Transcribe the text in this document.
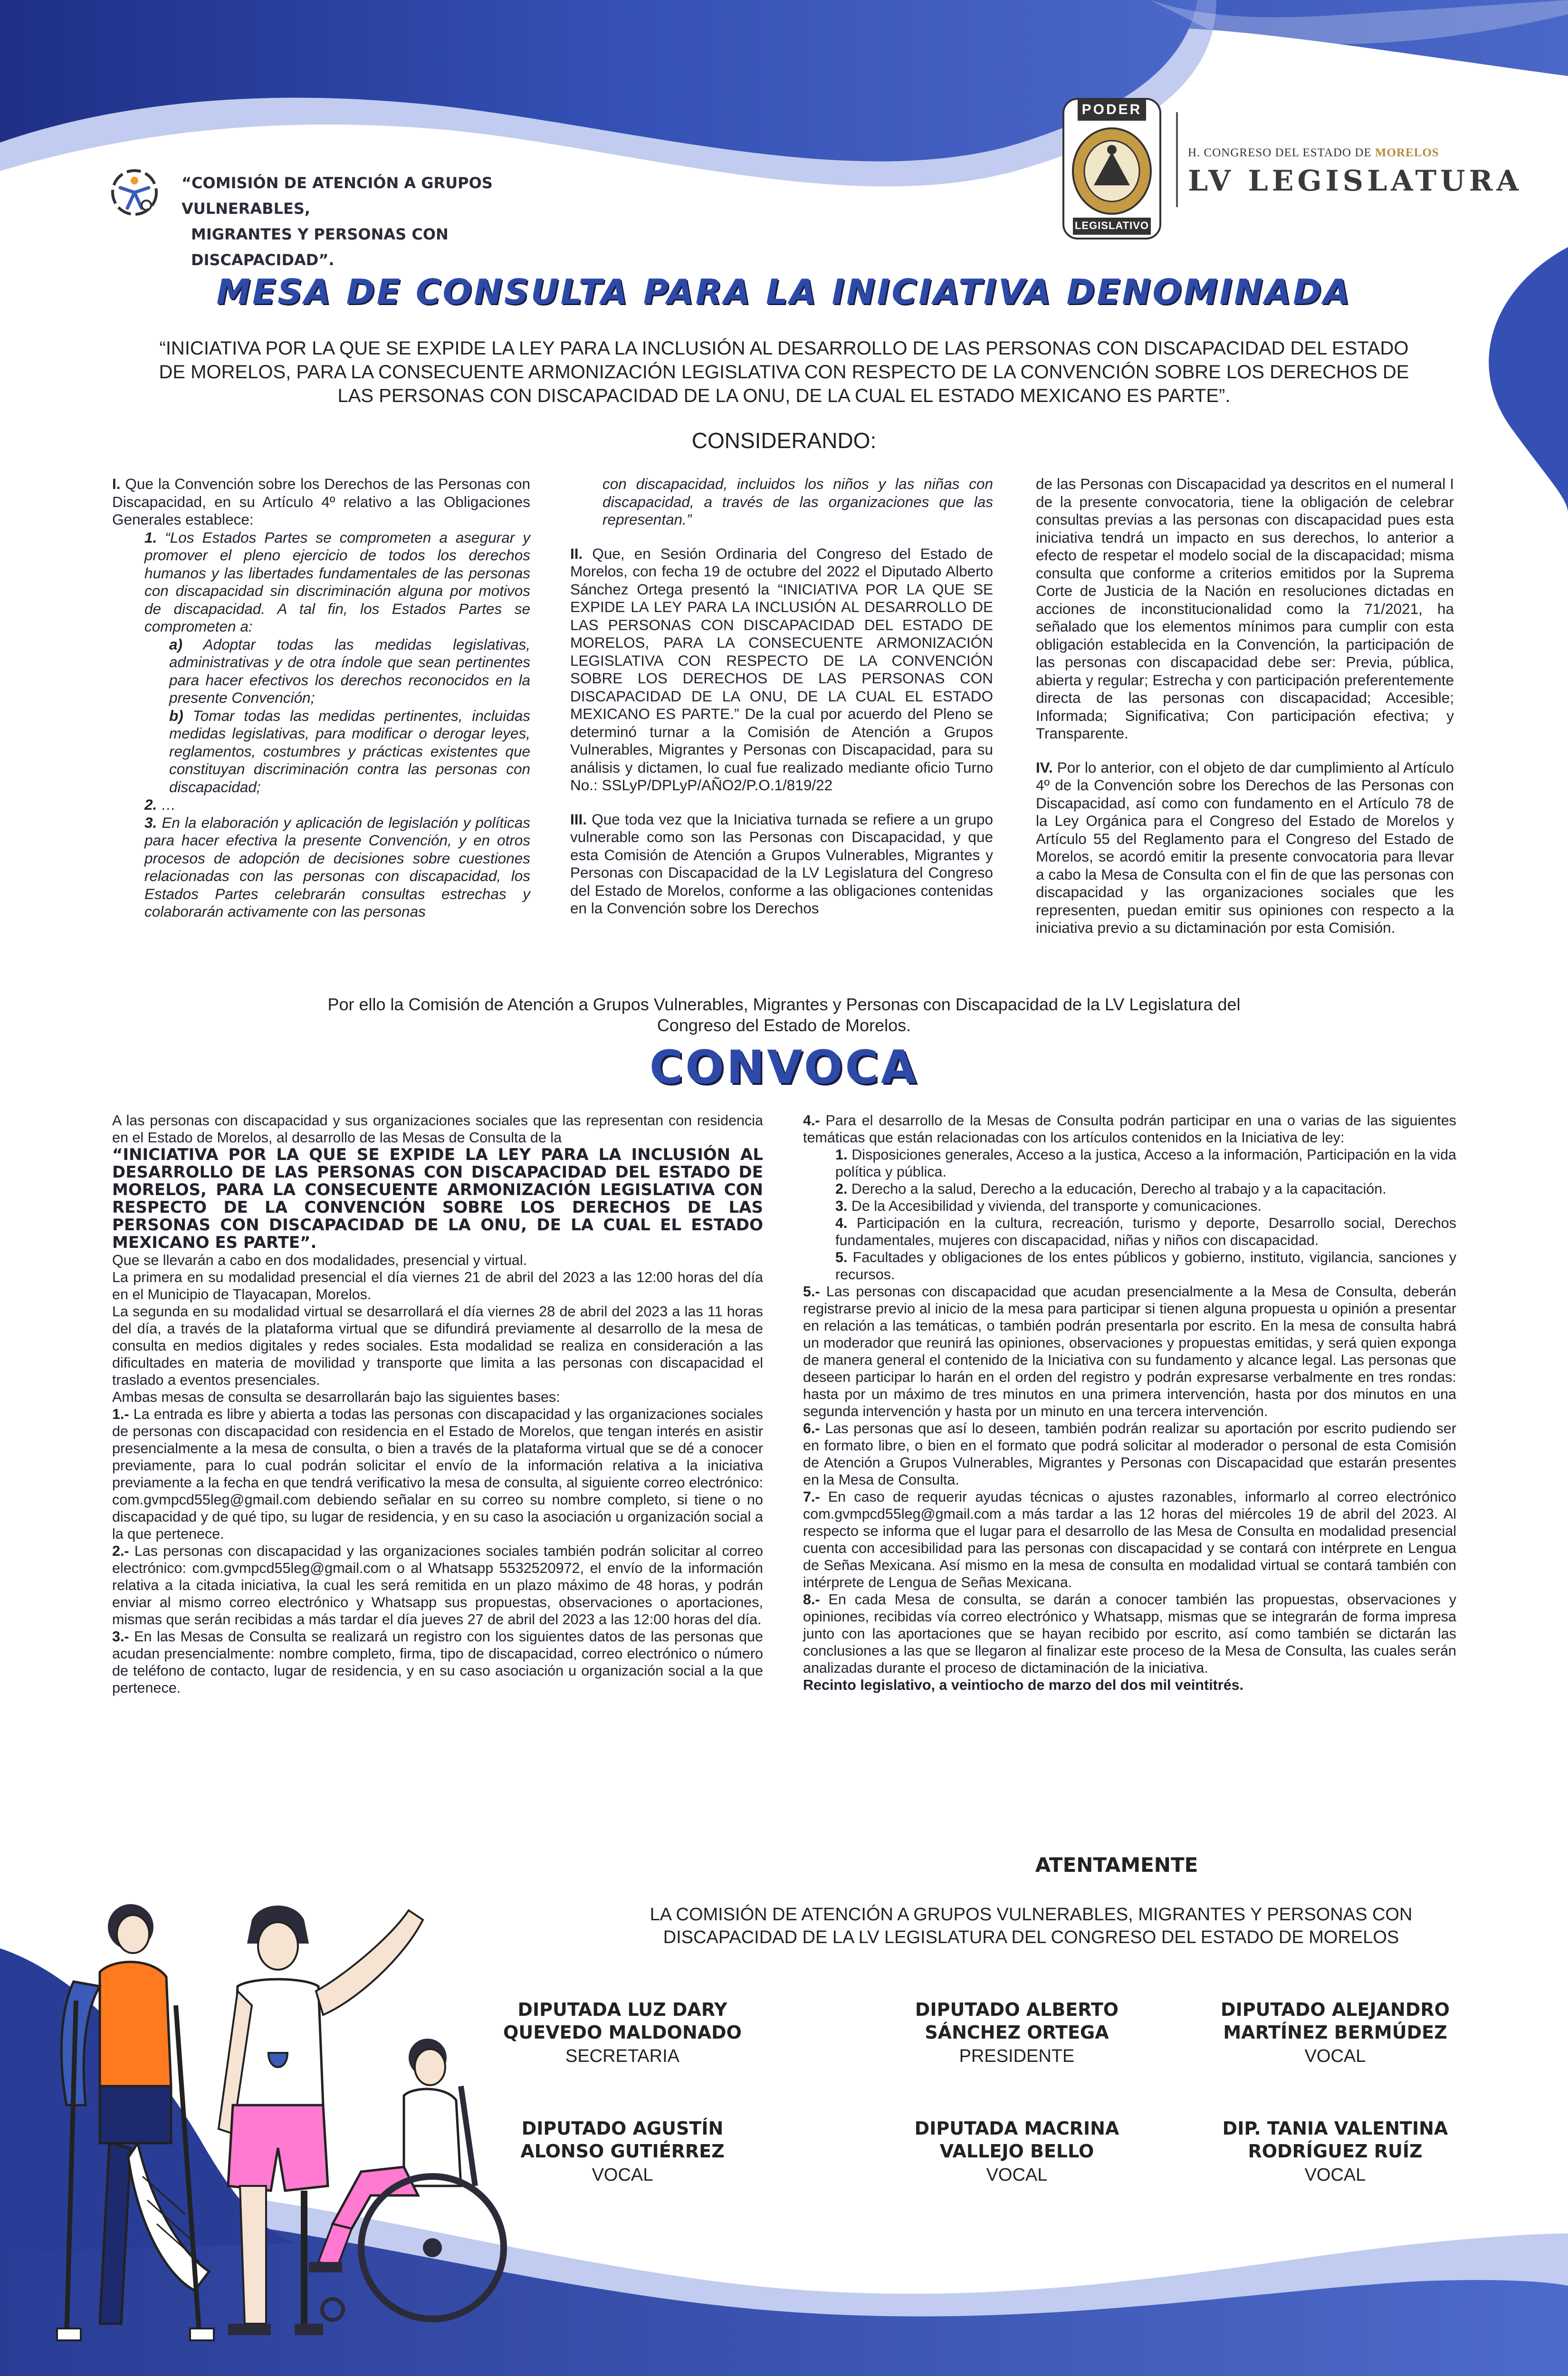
“COMISIÓN DE ATENCIÓN A GRUPOS VULNERABLES,
MIGRANTES Y PERSONAS CON DISCAPACIDAD”.
PODER
LEGISLATIVO
H. CONGRESO DEL ESTADO DE MORELOS
LV LEGISLATURA
MESA DE CONSULTA PARA LA INICIATIVA DENOMINADA
“INICIATIVA POR LA QUE SE EXPIDE LA LEY PARA LA INCLUSIÓN AL DESARROLLO DE LAS PERSONAS CON DISCAPACIDAD DEL ESTADO DE MORELOS, PARA LA CONSECUENTE ARMONIZACIÓN LEGISLATIVA CON RESPECTO DE LA CONVENCIÓN SOBRE LOS DERECHOS DE LAS PERSONAS CON DISCAPACIDAD DE LA ONU, DE LA CUAL EL ESTADO MEXICANO ES PARTE”.
CONSIDERANDO:

I. Que la Convención sobre los Derechos de las Personas con Discapacidad, en su Artículo 4º relativo a las Obligaciones Generales establece:

1. “Los Estados Partes se comprometen a asegurar y promover el pleno ejercicio de todos los derechos humanos y las libertades fundamentales de las personas con discapacidad sin discriminación alguna por motivos de discapacidad. A tal fin, los Estados Partes se comprometen a:

a) Adoptar todas las medidas legislativas, administrativas y de otra índole que sean pertinentes para hacer efectivos los derechos reconocidos en la presente Convención;

b) Tomar todas las medidas pertinentes, incluidas medidas legislativas, para modificar o derogar leyes, reglamentos, costumbres y prácticas existentes que constituyan discriminación contra las personas con discapacidad;

2. …

3. En la elaboración y aplicación de legislación y políticas para hacer efectiva la presente Convención, y en otros procesos de adopción de decisiones sobre cuestiones relacionadas con las personas con discapacidad, los Estados Partes celebrarán consultas estrechas y colaborarán activamente con las personas

con discapacidad, incluidos los niños y las niñas con discapacidad, a través de las organizaciones que las representan.”

II. Que, en Sesión Ordinaria del Congreso del Estado de Morelos, con fecha 19 de octubre del 2022 el Diputado Alberto Sánchez Ortega presentó la “INICIATIVA POR LA QUE SE EXPIDE LA LEY PARA LA INCLUSIÓN AL DESARROLLO DE LAS PERSONAS CON DISCAPACIDAD DEL ESTADO DE MORELOS, PARA LA CONSECUENTE ARMONIZACIÓN LEGISLATIVA CON RESPECTO DE LA CONVENCIÓN SOBRE LOS DERECHOS DE LAS PERSONAS CON DISCAPACIDAD DE LA ONU, DE LA CUAL EL ESTADO MEXICANO ES PARTE.” De la cual por acuerdo del Pleno se determinó turnar a la Comisión de Atención a Grupos Vulnerables, Migrantes y Personas con Discapacidad, para su análisis y dictamen, lo cual fue realizado mediante oficio Turno No.: SSLyP/DPLyP/AÑO2/P.O.1/819/22

III. Que toda vez que la Iniciativa turnada se refiere a un grupo vulnerable como son las Personas con Discapacidad, y que esta Comisión de Atención a Grupos Vulnerables, Migrantes y Personas con Discapacidad de la LV Legislatura del Congreso del Estado de Morelos, conforme a las obligaciones contenidas en la Convención sobre los Derechos

de las Personas con Discapacidad ya descritos en el numeral I de la presente convocatoria, tiene la obligación de celebrar consultas previas a las personas con discapacidad pues esta iniciativa tendrá un impacto en sus derechos, lo anterior a efecto de respetar el modelo social de la discapacidad; misma consulta que conforme a criterios emitidos por la Suprema Corte de Justicia de la Nación en resoluciones dictadas en acciones de inconstitucionalidad como la 71/2021, ha señalado que los elementos mínimos para cumplir con esta obligación establecida en la Convención, la participación de las personas con discapacidad debe ser: Previa, pública, abierta y regular; Estrecha y con participación preferentemente directa de las personas con discapacidad; Accesible; Informada; Significativa; Con participación efectiva; y Transparente.

IV. Por lo anterior, con el objeto de dar cumplimiento al Artículo 4º de la Convención sobre los Derechos de las Personas con Discapacidad, así como con fundamento en el Artículo 78 de la Ley Orgánica para el Congreso del Estado de Morelos y Artículo 55 del Reglamento para el Congreso del Estado de Morelos, se acordó emitir la presente convocatoria para llevar a cabo la Mesa de Consulta con el fin de que las personas con discapacidad y las organizaciones sociales que les representen, puedan emitir sus opiniones con respecto a la iniciativa previo a su dictaminación por esta Comisión.

Por ello la Comisión de Atención a Grupos Vulnerables, Migrantes y Personas con Discapacidad de la LV Legislatura del Congreso del Estado de Morelos.
CONVOCA

A las personas con discapacidad y sus organizaciones sociales que las representan con residencia en el Estado de Morelos, al desarrollo de las Mesas de Consulta de la

“INICIATIVA POR LA QUE SE EXPIDE LA LEY PARA LA INCLUSIÓN AL DESARROLLO DE LAS PERSONAS CON DISCAPACIDAD DEL ESTADO DE MORELOS, PARA LA CONSECUENTE ARMONIZACIÓN LEGISLATIVA CON RESPECTO DE LA CONVENCIÓN SOBRE LOS DERECHOS DE LAS PERSONAS CON DISCAPACIDAD DE LA ONU, DE LA CUAL EL ESTADO MEXICANO ES PARTE”.

Que se llevarán a cabo en dos modalidades, presencial y virtual.

La primera en su modalidad presencial el día viernes 21 de abril del 2023 a las 12:00 horas del día en el Municipio de Tlayacapan, Morelos.

La segunda en su modalidad virtual se desarrollará el día viernes 28 de abril del 2023 a las 11 horas del día, a través de la plataforma virtual que se difundirá previamente al desarrollo de la mesa de consulta en medios digitales y redes sociales. Esta modalidad se realiza en consideración a las dificultades en materia de movilidad y transporte que limita a las personas con discapacidad el traslado a eventos presenciales.

Ambas mesas de consulta se desarrollarán bajo las siguientes bases:

1.- La entrada es libre y abierta a todas las personas con discapacidad y las organizaciones sociales de personas con discapacidad con residencia en el Estado de Morelos, que tengan interés en asistir presencialmente a la mesa de consulta, o bien a través de la plataforma virtual que se dé a conocer previamente, para lo cual podrán solicitar el envío de la información relativa a la iniciativa previamente a la fecha en que tendrá verificativo la mesa de consulta, al siguiente correo electrónico: com.gvmpcd55leg@gmail.com debiendo señalar en su correo su nombre completo, si tiene o no discapacidad y de qué tipo, su lugar de residencia, y en su caso la asociación u organización social a la que pertenece.

2.- Las personas con discapacidad y las organizaciones sociales también podrán solicitar al correo electrónico: com.gvmpcd55leg@gmail.com o al Whatsapp 5532520972, el envío de la información relativa a la citada iniciativa, la cual les será remitida en un plazo máximo de 48 horas, y podrán enviar al mismo correo electrónico y Whatsapp sus propuestas, observaciones o aportaciones, mismas que serán recibidas a más tardar el día jueves 27 de abril del 2023 a las 12:00 horas del día.

3.- En las Mesas de Consulta se realizará un registro con los siguientes datos de las personas que acudan presencialmente: nombre completo, firma, tipo de discapacidad, correo electrónico o número de teléfono de contacto, lugar de residencia, y en su caso asociación u organización social a la que pertenece.

4.- Para el desarrollo de la Mesas de Consulta podrán participar en una o varias de las siguientes temáticas que están relacionadas con los artículos contenidos en la Iniciativa de ley:

1. Disposiciones generales, Acceso a la justica, Acceso a la información, Participación en la vida política y pública.

2. Derecho a la salud, Derecho a la educación, Derecho al trabajo y a la capacitación.

3. De la Accesibilidad y vivienda, del transporte y comunicaciones.

4. Participación en la cultura, recreación, turismo y deporte, Desarrollo social, Derechos fundamentales, mujeres con discapacidad, niñas y niños con discapacidad.

5. Facultades y obligaciones de los entes públicos y gobierno, instituto, vigilancia, sanciones y recursos.

5.- Las personas con discapacidad que acudan presencialmente a la Mesa de Consulta, deberán registrarse previo al inicio de la mesa para participar si tienen alguna propuesta u opinión a presentar en relación a las temáticas, o también podrán presentarla por escrito. En la mesa de consulta habrá un moderador que reunirá las opiniones, observaciones y propuestas emitidas, y será quien exponga de manera general el contenido de la Iniciativa con su fundamento y alcance legal. Las personas que deseen participar lo harán en el orden del registro y podrán expresarse verbalmente en tres rondas: hasta por un máximo de tres minutos en una primera intervención, hasta por dos minutos en una segunda intervención y hasta por un minuto en una tercera intervención.

6.- Las personas que así lo deseen, también podrán realizar su aportación por escrito pudiendo ser en formato libre, o bien en el formato que podrá solicitar al moderador o personal de esta Comisión de Atención a Grupos Vulnerables, Migrantes y Personas con Discapacidad que estarán presentes en la Mesa de Consulta.

7.- En caso de requerir ayudas técnicas o ajustes razonables, informarlo al correo electrónico com.gvmpcd55leg@gmail.com a más tardar a las 12 horas del miércoles 19 de abril del 2023. Al respecto se informa que el lugar para el desarrollo de las Mesa de Consulta en modalidad presencial cuenta con accesibilidad para las personas con discapacidad y se contará con intérprete en Lengua de Señas Mexicana. Así mismo en la mesa de consulta en modalidad virtual se contará también con intérprete de Lengua de Señas Mexicana.

8.- En cada Mesa de consulta, se darán a conocer también las propuestas, observaciones y opiniones, recibidas vía correo electrónico y Whatsapp, mismas que se integrarán de forma impresa junto con las aportaciones que se hayan recibido por escrito, así como también se dictarán las conclusiones a las que se llegaron al finalizar este proceso de la Mesa de Consulta, las cuales serán analizadas durante el proceso de dictaminación de la iniciativa.

Recinto legislativo, a veintiocho de marzo del dos mil veintitrés.

ATENTAMENTE
LA COMISIÓN DE ATENCIÓN A GRUPOS VULNERABLES, MIGRANTES Y PERSONAS CON DISCAPACIDAD DE LA LV LEGISLATURA DEL CONGRESO DEL ESTADO DE MORELOS
DIPUTADA LUZ DARY
QUEVEDO MALDONADO
SECRETARIA
DIPUTADO ALBERTO
SÁNCHEZ ORTEGA
PRESIDENTE
DIPUTADO ALEJANDRO
MARTÍNEZ BERMÚDEZ
VOCAL
DIPUTADO AGUSTÍN
ALONSO GUTIÉRREZ
VOCAL
DIPUTADA MACRINA
VALLEJO BELLO
VOCAL
DIP. TANIA VALENTINA
RODRÍGUEZ RUÍZ
VOCAL
